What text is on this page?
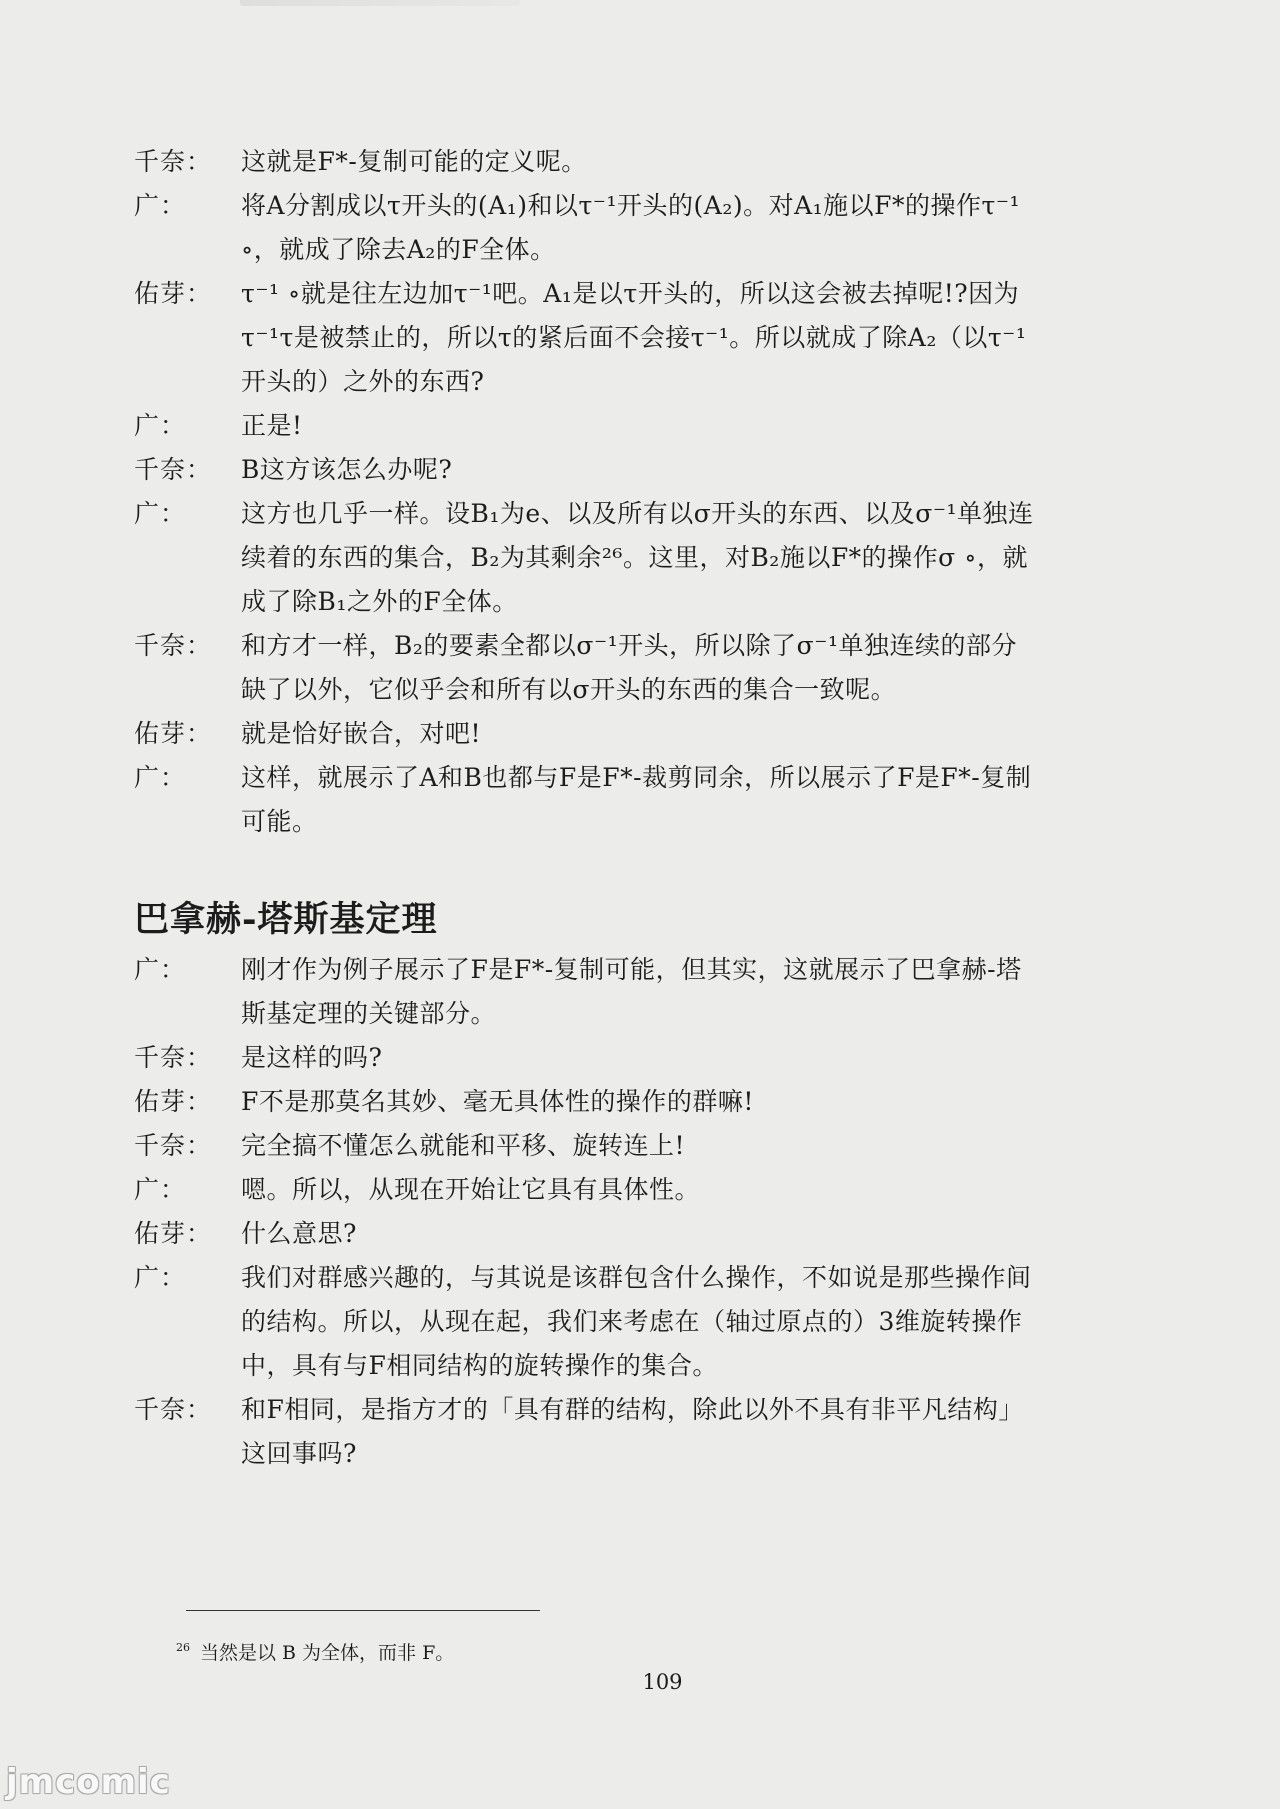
千奈： 这就是F*-复制可能的定义呢。
广： 将A分割成以τ开头的(A₁)和以τ⁻¹开头的(A₂)。对A₁施以F*的操作τ⁻¹ ∘，就成了除去A₂的F全体。
佑芽： τ⁻¹ ∘就是往左边加τ⁻¹吧。A₁是以τ开头的，所以这会被去掉呢!?因为τ⁻¹τ是被禁止的，所以τ的紧后面不会接τ⁻¹。所以就成了除A₂（以τ⁻¹开头的）之外的东西?
广： 正是!
千奈： B这方该怎么办呢?
广： 这方也几乎一样。设B₁为e、以及所有以σ开头的东西、以及σ⁻¹单独连续着的东西的集合，B₂为其剩余²⁶。这里，对B₂施以F*的操作σ ∘，就成了除B₁之外的F全体。
千奈： 和方才一样，B₂的要素全都以σ⁻¹开头，所以除了σ⁻¹单独连续的部分缺了以外，它似乎会和所有以σ开头的东西的集合一致呢。
佑芽： 就是恰好嵌合，对吧!
广： 这样，就展示了A和B也都与F是F*-裁剪同余，所以展示了F是F*-复制可能。
巴拿赫-塔斯基定理
广： 刚才作为例子展示了F是F*-复制可能，但其实，这就展示了巴拿赫-塔斯基定理的关键部分。
千奈： 是这样的吗?
佑芽： F不是那莫名其妙、毫无具体性的操作的群嘛!
千奈： 完全搞不懂怎么就能和平移、旋转连上!
广： 嗯。所以，从现在开始让它具有具体性。
佑芽： 什么意思?
广： 我们对群感兴趣的，与其说是该群包含什么操作，不如说是那些操作间的结构。所以，从现在起，我们来考虑在（轴过原点的）3维旋转操作中，具有与F相同结构的旋转操作的集合。
千奈： 和F相同，是指方才的「具有群的结构，除此以外不具有非平凡结构」这回事吗?
$^{26}$ 当然是以 B 为全体，而非 F。
109
jmcomic
